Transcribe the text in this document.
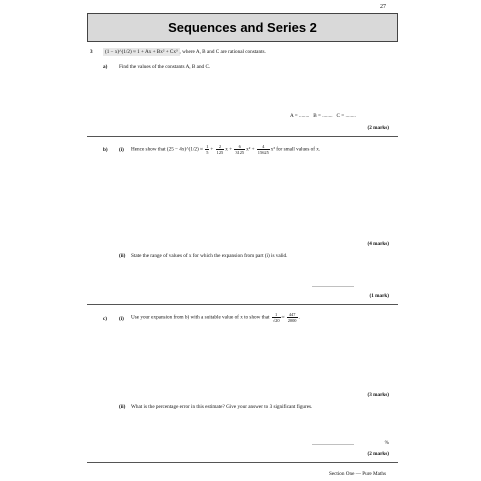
27
Sequences and Series 2
3	(1 − x)^(1/2) ≈ 1 + Ax + Bx² + Cx³ , where A, B and C are rational constants.
a) Find the values of the constants A, B and C.
A = ........ B = ........ C = ........
(2 marks)
b) (i) Hence show that (25 − 4x)^(1/2) ≈ $\frac{1}{5} + \frac{2}{125}$ $x + \frac{6}{3125} x^2 + \frac{4}{15625} x^3$ for small values of x.
(4 marks)
(ii) State the range of values of x for which the expansion from part (i) is valid.
..........................................
(1 mark)
c) (i) Use your expansion from b) with a suitable value of x to show that $\frac{1}{√20} \approx \frac{447}{2000}$ .
(3 marks)
(ii) What is the percentage error in this estimate? Give your answer to 3 significant figures.
..........................................	%
(2 marks)
Section One — Pure Maths
